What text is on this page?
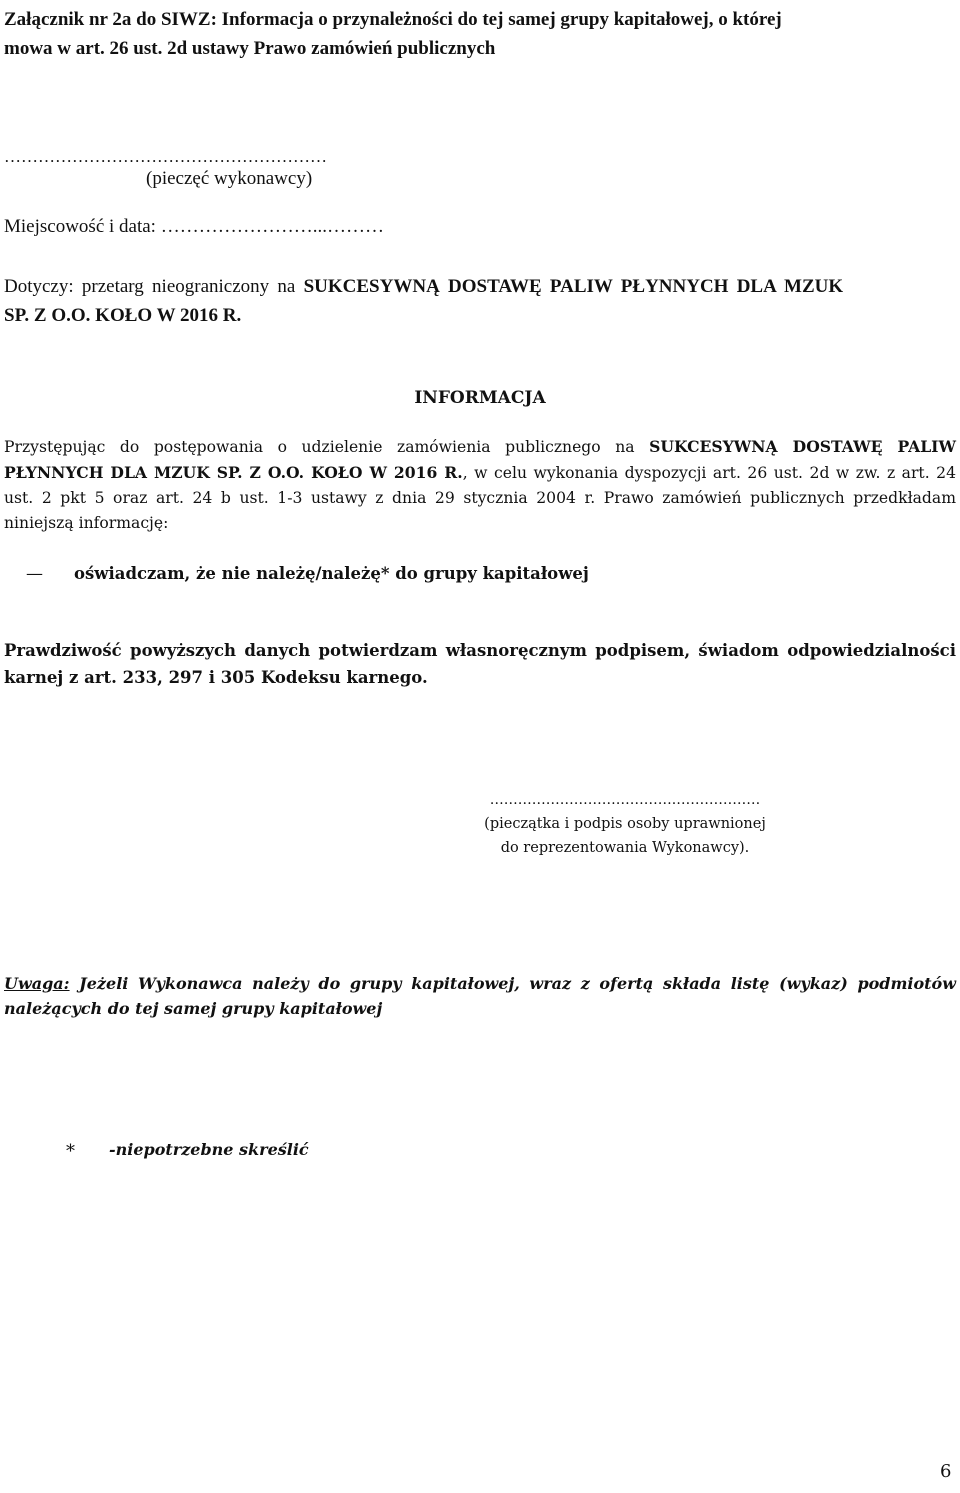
Załącznik nr 2a do SIWZ: Informacja o przynależności do tej samej grupy kapitałowej, o której
mowa w art. 26 ust. 2d ustawy Prawo zamówień publicznych
…………………………………………………
(pieczęć wykonawcy)
Miejscowość i data: ……………………...………
Dotyczy: przetarg nieograniczony na SUKCESYWNĄ DOSTAWĘ PALIW PŁYNNYCH DLA MZUK
SP. Z O.O. KOŁO W 2016 R.
INFORMACJA
Przystępując do postępowania o udzielenie zamówienia publicznego na SUKCESYWNĄ DOSTAWĘ PALIW PŁYNNYCH DLA MZUK SP. Z O.O. KOŁO W 2016 R., w celu wykonania dyspozycji art. 26 ust. 2d w zw. z art. 24 ust. 2 pkt 5 oraz art. 24 b ust. 1-3 ustawy z dnia 29 stycznia 2004 r. Prawo zamówień publicznych przedkładam niniejszą informację:
— oświadczam, że nie należę/należę* do grupy kapitałowej
Prawdziwość powyższych danych potwierdzam własnoręcznym podpisem, świadom odpowiedzialności karnej z art. 233, 297 i 305 Kodeksu karnego.
………………………………….………………
(pieczątka i podpis osoby uprawnionej
do reprezentowania Wykonawcy).
Uwaga: Jeżeli Wykonawca należy do grupy kapitałowej, wraz z ofertą składa listę (wykaz) podmiotów należących do tej samej grupy kapitałowej
* -niepotrzebne skreślić
6
